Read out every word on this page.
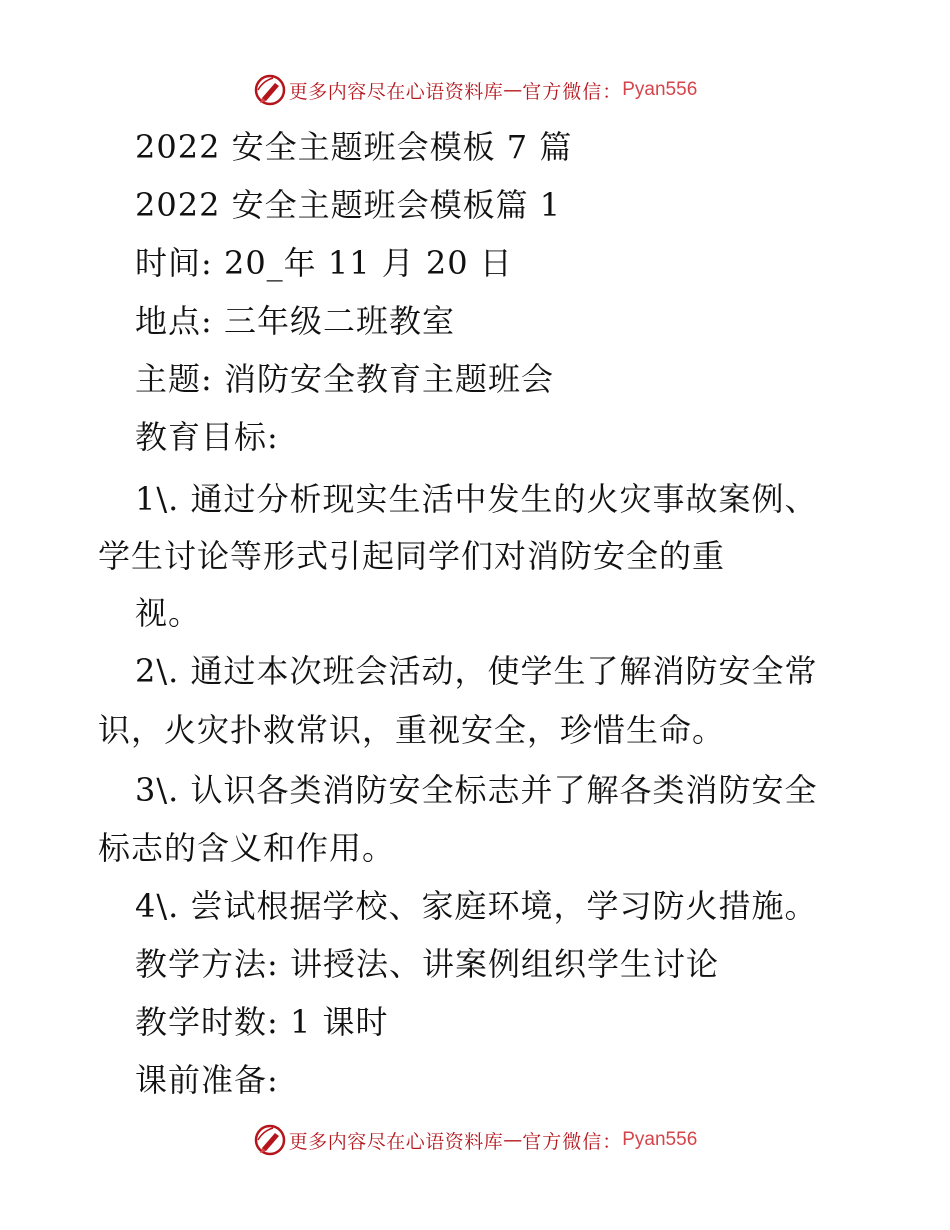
更多内容尽在心语资料库 — 官方微信： Pyan556
2022 安全主题班会模板 7 篇
2022 安全主题班会模板篇 1
时间: 20_年 11 月 20 日
地点: 三年级二班教室
主题: 消防安全教育主题班会
教育目标:
1\. 通过分析现实生活中发生的火灾事故案例、
学生讨论等形式引起同学们对消防安全的重
视。
2\. 通过本次班会活动，使学生了解消防安全常
识，火灾扑救常识，重视安全，珍惜生命。
3\. 认识各类消防安全标志并了解各类消防安全
标志的含义和作用。
4\. 尝试根据学校、家庭环境，学习防火措施。
教学方法: 讲授法、讲案例组织学生讨论
教学时数: 1 课时
课前准备:
更多内容尽在心语资料库 — 官方微信： Pyan556
